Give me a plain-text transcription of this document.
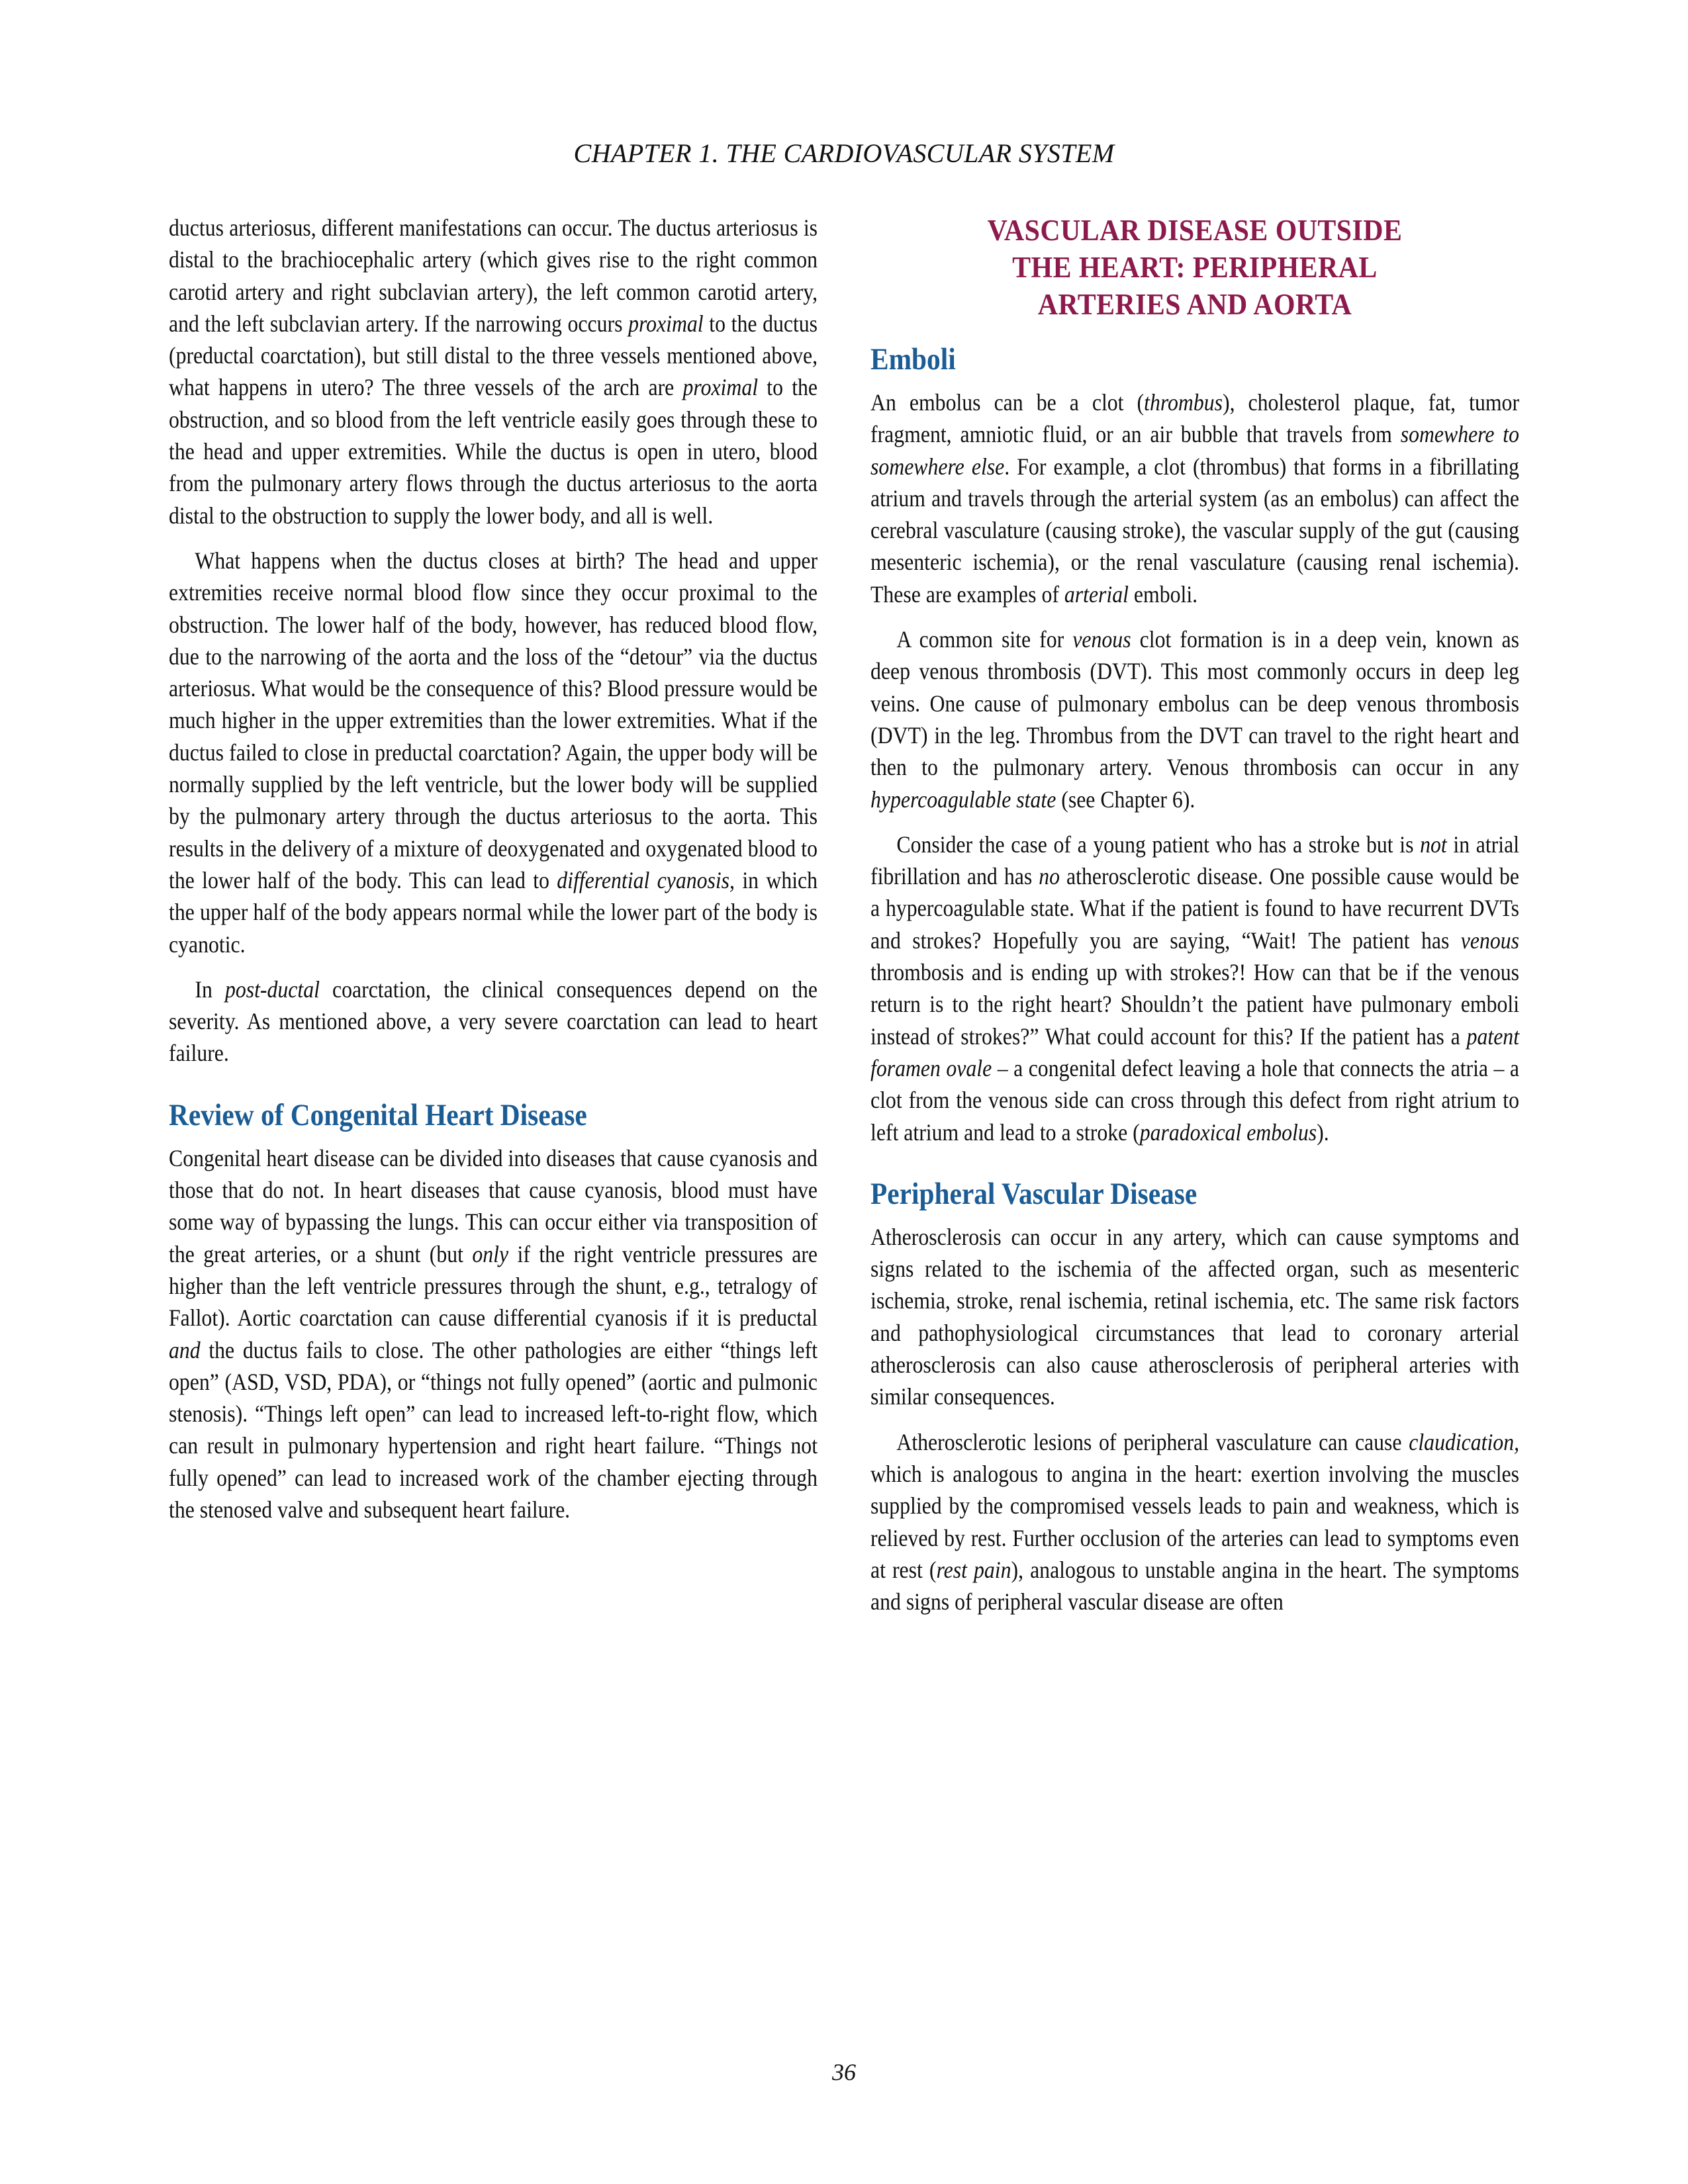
CHAPTER 1. THE CARDIOVASCULAR SYSTEM

ductus arteriosus, different manifestations can occur. The ductus arteriosus is distal to the brachiocephalic artery (which gives rise to the right common carotid artery and right subclavian artery), the left common carotid artery, and the left subclavian artery. If the narrowing occurs proximal to the ductus (preductal coarctation), but still distal to the three vessels mentioned above, what happens in utero? The three vessels of the arch are proximal to the obstruction, and so blood from the left ventricle easily goes through these to the head and upper extremities. While the ductus is open in utero, blood from the pulmonary artery flows through the ductus arteriosus to the aorta distal to the obstruction to supply the lower body, and all is well.

What happens when the ductus closes at birth? The head and upper extremities receive normal blood flow since they occur proximal to the obstruction. The lower half of the body, however, has reduced blood flow, due to the narrowing of the aorta and the loss of the “detour” via the ductus arteriosus. What would be the consequence of this? Blood pressure would be much higher in the upper extremities than the lower extremities. What if the ductus failed to close in preductal coarctation? Again, the upper body will be normally supplied by the left ventricle, but the lower body will be supplied by the pulmonary artery through the ductus arteriosus to the aorta. This results in the delivery of a mixture of deoxygenated and oxygenated blood to the lower half of the body. This can lead to differential cyanosis, in which the upper half of the body appears normal while the lower part of the body is cyanotic.

In post-ductal coarctation, the clinical consequences depend on the severity. As mentioned above, a very severe coarctation can lead to heart failure.

Review of Congenital Heart Disease

Congenital heart disease can be divided into diseases that cause cyanosis and those that do not. In heart diseases that cause cyanosis, blood must have some way of bypassing the lungs. This can occur either via transposition of the great arteries, or a shunt (but only if the right ventricle pressures are higher than the left ventricle pressures through the shunt, e.g., tetralogy of Fallot). Aortic coarctation can cause differential cyanosis if it is preductal and the ductus fails to close. The other pathologies are either “things left open” (ASD, VSD, PDA), or “things not fully opened” (aortic and pulmonic stenosis). “Things left open” can lead to increased left-to-right flow, which can result in pulmonary hypertension and right heart failure. “Things not fully opened” can lead to increased work of the chamber ejecting through the stenosed valve and subsequent heart failure.

VASCULAR DISEASE OUTSIDE
THE HEART: PERIPHERAL
ARTERIES AND AORTA
Emboli

An embolus can be a clot (thrombus), cholesterol plaque, fat, tumor fragment, amniotic fluid, or an air bubble that travels from somewhere to somewhere else. For example, a clot (thrombus) that forms in a fibrillating atrium and travels through the arterial system (as an embolus) can affect the cerebral vasculature (causing stroke), the vascular supply of the gut (causing mesenteric ischemia), or the renal vasculature (causing renal ischemia). These are examples of arterial emboli.

A common site for venous clot formation is in a deep vein, known as deep venous thrombosis (DVT). This most commonly occurs in deep leg veins. One cause of pulmonary embolus can be deep venous thrombosis (DVT) in the leg. Thrombus from the DVT can travel to the right heart and then to the pulmonary artery. Venous thrombosis can occur in any hypercoagulable state (see Chapter 6).

Consider the case of a young patient who has a stroke but is not in atrial fibrillation and has no atherosclerotic disease. One possible cause would be a hypercoagulable state. What if the patient is found to have recurrent DVTs and strokes? Hopefully you are saying, “Wait! The patient has venous thrombosis and is ending up with strokes?! How can that be if the venous return is to the right heart? Shouldn’t the patient have pulmonary emboli instead of strokes?” What could account for this? If the patient has a patent foramen ovale – a congenital defect leaving a hole that connects the atria – a clot from the venous side can cross through this defect from right atrium to left atrium and lead to a stroke (paradoxical embolus).

Peripheral Vascular Disease

Atherosclerosis can occur in any artery, which can cause symptoms and signs related to the ischemia of the affected organ, such as mesenteric ischemia, stroke, renal ischemia, retinal ischemia, etc. The same risk factors and pathophysiological circumstances that lead to coronary arterial atherosclerosis can also cause atherosclerosis of peripheral arteries with similar consequences.

Atherosclerotic lesions of peripheral vasculature can cause claudication, which is analogous to angina in the heart: exertion involving the muscles supplied by the compromised vessels leads to pain and weakness, which is relieved by rest. Further occlusion of the arteries can lead to symptoms even at rest (rest pain), analogous to unstable angina in the heart. The symptoms and signs of peripheral vascular disease are often

36
